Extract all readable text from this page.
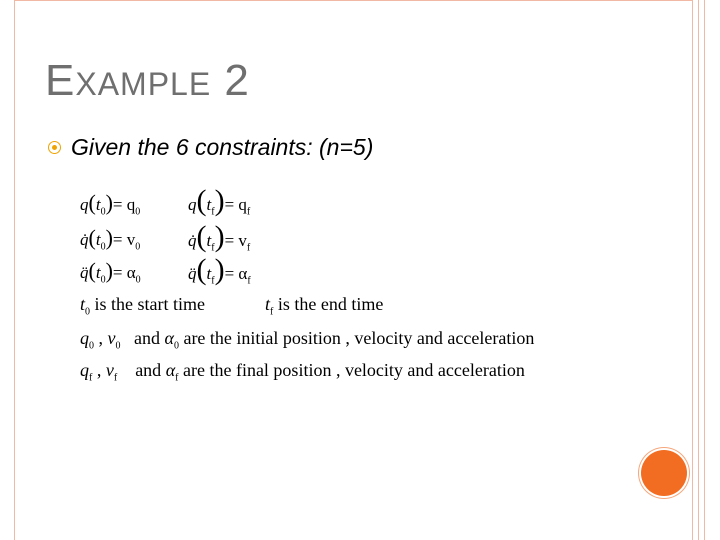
EXAMPLE 2
Given the 6 constraints: (n=5)
$q(t_0)= q_0$	$q(t_f)= q_f$
$q̇(t_0)= v_0$	$q̇(t_f)= v_f$
$q̈(t_0)= \alpha_0$	$q̈(t_f)= \alpha_f$
$t_0$ is the start time	$t_f$ is the end time
$q_0$ , $v_0$ and $\alpha_0$ are the initial position , velocity and acceleration
$q_f$ , $v_f$ and $\alpha_f$ are the final position , velocity and acceleration
